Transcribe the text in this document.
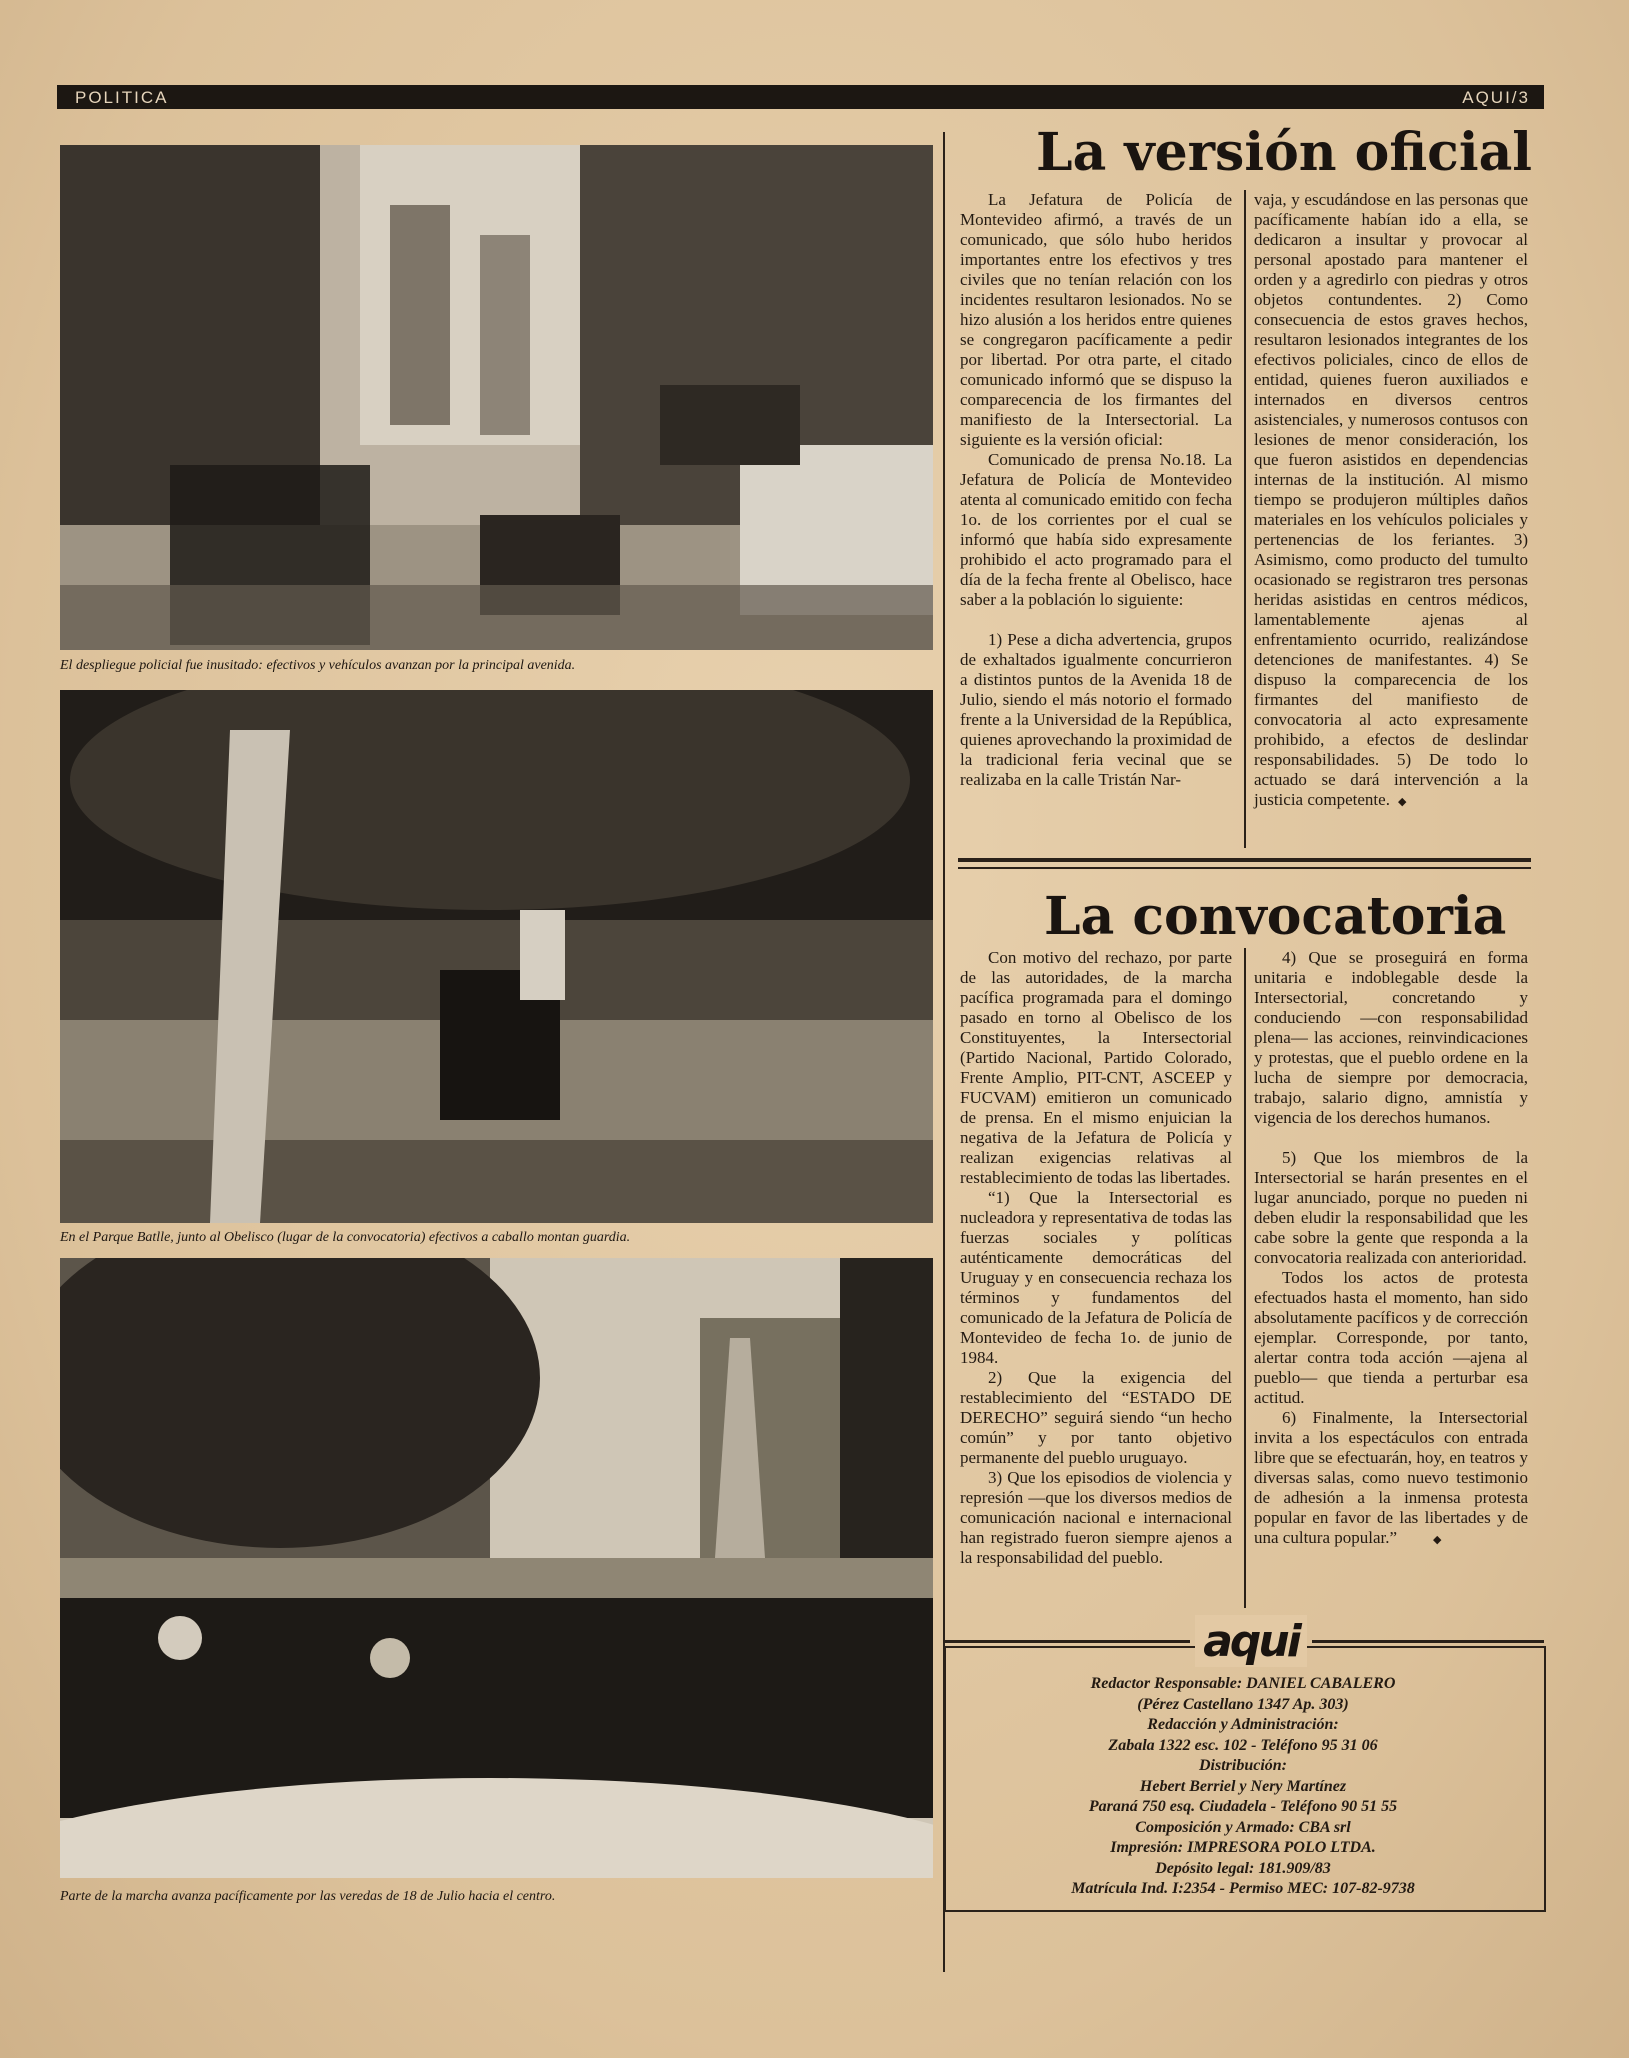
POLITICA	AQUI/3
El despliegue policial fue inusitado: efectivos y vehículos avanzan por la principal avenida.
En el Parque Batlle, junto al Obelisco (lugar de la convocatoria) efectivos a caballo montan guardia.
Parte de la marcha avanza pacíficamente por las veredas de 18 de Julio hacia el centro.
La versión oficial

La Jefatura de Policía de Montevideo afirmó, a través de un comunicado, que sólo hubo heridos importantes entre los efectivos y tres civiles que no tenían relación con los incidentes resultaron lesionados. No se hizo alusión a los heridos entre quienes se congregaron pacíficamente a pedir por libertad. Por otra parte, el citado comunicado informó que se dispuso la comparecencia de los firmantes del manifiesto de la Intersectorial. La siguiente es la versión oficial:

Comunicado de prensa No.18. La Jefatura de Policía de Montevideo atenta al comunicado emitido con fecha 1o. de los corrientes por el cual se informó que había sido expresamente prohibido el acto programado para el día de la fecha frente al Obelisco, hace saber a la población lo siguiente:

1) Pese a dicha advertencia, grupos de exhaltados igualmente concurrieron a distintos puntos de la Avenida 18 de Julio, siendo el más notorio el formado frente a la Universidad de la República, quienes aprovechando la proximidad de la tradicional feria vecinal que se realizaba en la calle Tristán Nar-

vaja, y escudándose en las personas que pacíficamente habían ido a ella, se dedicaron a insultar y provocar al personal apostado para mantener el orden y a agredirlo con piedras y otros objetos contundentes. 2) Como consecuencia de estos graves hechos, resultaron lesionados integrantes de los efectivos policiales, cinco de ellos de entidad, quienes fueron auxiliados e internados en diversos centros asistenciales, y numerosos contusos con lesiones de menor consideración, los que fueron asistidos en dependencias internas de la institución. Al mismo tiempo se produjeron múltiples daños materiales en los vehículos policiales y pertenencias de los feriantes. 3) Asimismo, como producto del tumulto ocasionado se registraron tres personas heridas asistidas en centros médicos, lamentablemente ajenas al enfrentamiento ocurrido, realizándose detenciones de manifestantes. 4) Se dispuso la comparecencia de los firmantes del manifiesto de convocatoria al acto expresamente prohibido, a efectos de deslindar responsabilidades. 5) De todo lo actuado se dará intervención a la justicia competente. ◆

La convocatoria

Con motivo del rechazo, por parte de las autoridades, de la marcha pacífica programada para el domingo pasado en torno al Obelisco de los Constituyentes, la Intersectorial (Partido Nacional, Partido Colorado, Frente Amplio, PIT-CNT, ASCEEP y FUCVAM) emitieron un comunicado de prensa. En el mismo enjuician la negativa de la Jefatura de Policía y realizan exigencias relativas al restablecimiento de todas las libertades.

“1) Que la Intersectorial es nucleadora y representativa de todas las fuerzas sociales y políticas auténticamente democráticas del Uruguay y en consecuencia rechaza los términos y fundamentos del comunicado de la Jefatura de Policía de Montevideo de fecha 1o. de junio de 1984.

2) Que la exigencia del restablecimiento del “ESTADO DE DERECHO” seguirá siendo “un hecho común” y por tanto objetivo permanente del pueblo uruguayo.

3) Que los episodios de violencia y represión —que los diversos medios de comunicación nacional e internacional han registrado fueron siempre ajenos a la responsabilidad del pueblo.

4) Que se proseguirá en forma unitaria e indoblegable desde la Intersectorial, concretando y conduciendo —con responsabilidad plena— las acciones, reinvindicaciones y protestas, que el pueblo ordene en la lucha de siempre por democracia, trabajo, salario digno, amnistía y vigencia de los derechos humanos.

5) Que los miembros de la Intersectorial se harán presentes en el lugar anunciado, porque no pueden ni deben eludir la responsabilidad que les cabe sobre la gente que responda a la convocatoria realizada con anterioridad.

Todos los actos de protesta efectuados hasta el momento, han sido absolutamente pacíficos y de corrección ejemplar. Corresponde, por tanto, alertar contra toda acción —ajena al pueblo— que tienda a perturbar esa actitud.

6) Finalmente, la Intersectorial invita a los espectáculos con entrada libre que se efectuarán, hoy, en teatros y diversas salas, como nuevo testimonio de adhesión a la inmensa protesta popular en favor de las libertades y de una cultura popular.”	◆

aqui
Redactor Responsable: DANIEL CABALERO
(Pérez Castellano 1347 Ap. 303)
Redacción y Administración:
Zabala 1322 esc. 102 - Teléfono 95 31 06
Distribución:
Hebert Berriel y Nery Martínez
Paraná 750 esq. Ciudadela - Teléfono 90 51 55
Composición y Armado: CBA srl
Impresión: IMPRESORA POLO LTDA.
Depósito legal: 181.909/83
Matrícula Ind. I:2354 - Permiso MEC: 107-82-9738
